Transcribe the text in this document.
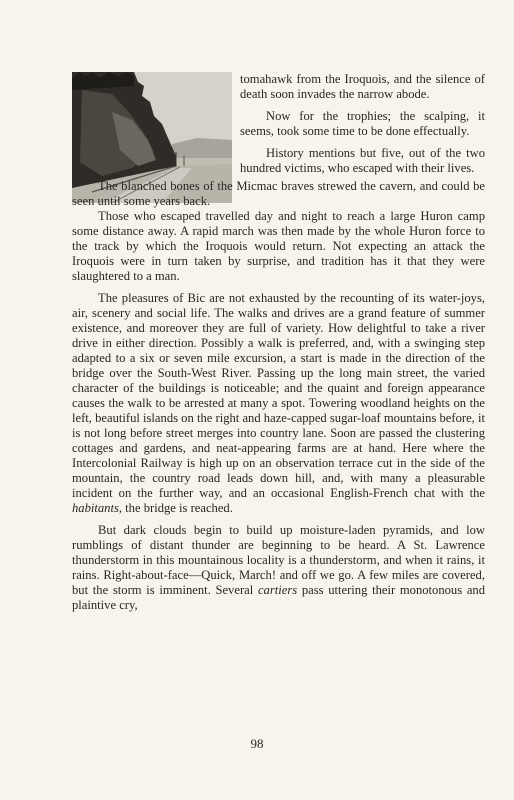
tomahawk from the Iroquois, and the silence of death soon invades the narrow abode.

Now for the trophies; the scalping, it seems, took some time to be done effectually.

History mentions but five, out of the two hundred victims, who escaped with their lives.

The blanched bones of the Micmac braves strewed the cavern, and could be seen until some years back.

Those who escaped travelled day and night to reach a large Huron camp some distance away. A rapid march was then made by the whole Huron force to the track by which the Iroquois would return. Not expecting an attack the Iroquois were in turn taken by surprise, and tradition has it that they were slaughtered to a man.

The pleasures of Bic are not exhausted by the recounting of its water-joys, air, scenery and social life. The walks and drives are a grand feature of summer existence, and moreover they are full of variety. How delightful to take a river drive in either direction. Possibly a walk is preferred, and, with a swinging step adapted to a six or seven mile excursion, a start is made in the direction of the bridge over the South-West River. Passing up the long main street, the varied character of the buildings is noticeable; and the quaint and foreign appearance causes the walk to be arrested at many a spot. Towering woodland heights on the left, beautiful islands on the right and haze-capped sugar-loaf mountains before, it is not long before street merges into country lane. Soon are passed the clustering cottages and gardens, and neat-appearing farms are at hand. Here where the Intercolonial Railway is high up on an observation terrace cut in the side of the mountain, the country road leads down hill, and, with many a pleasurable incident on the further way, and an occasional English-French chat with the habitants, the bridge is reached.

But dark clouds begin to build up moisture-laden pyramids, and low rumblings of distant thunder are beginning to be heard. A St. Lawrence thunderstorm in this mountainous locality is a thunderstorm, and when it rains, it rains. Right-about-face—Quick, March! and off we go. A few miles are covered, but the storm is imminent. Several cartiers pass uttering their monotonous and plaintive cry,

98
